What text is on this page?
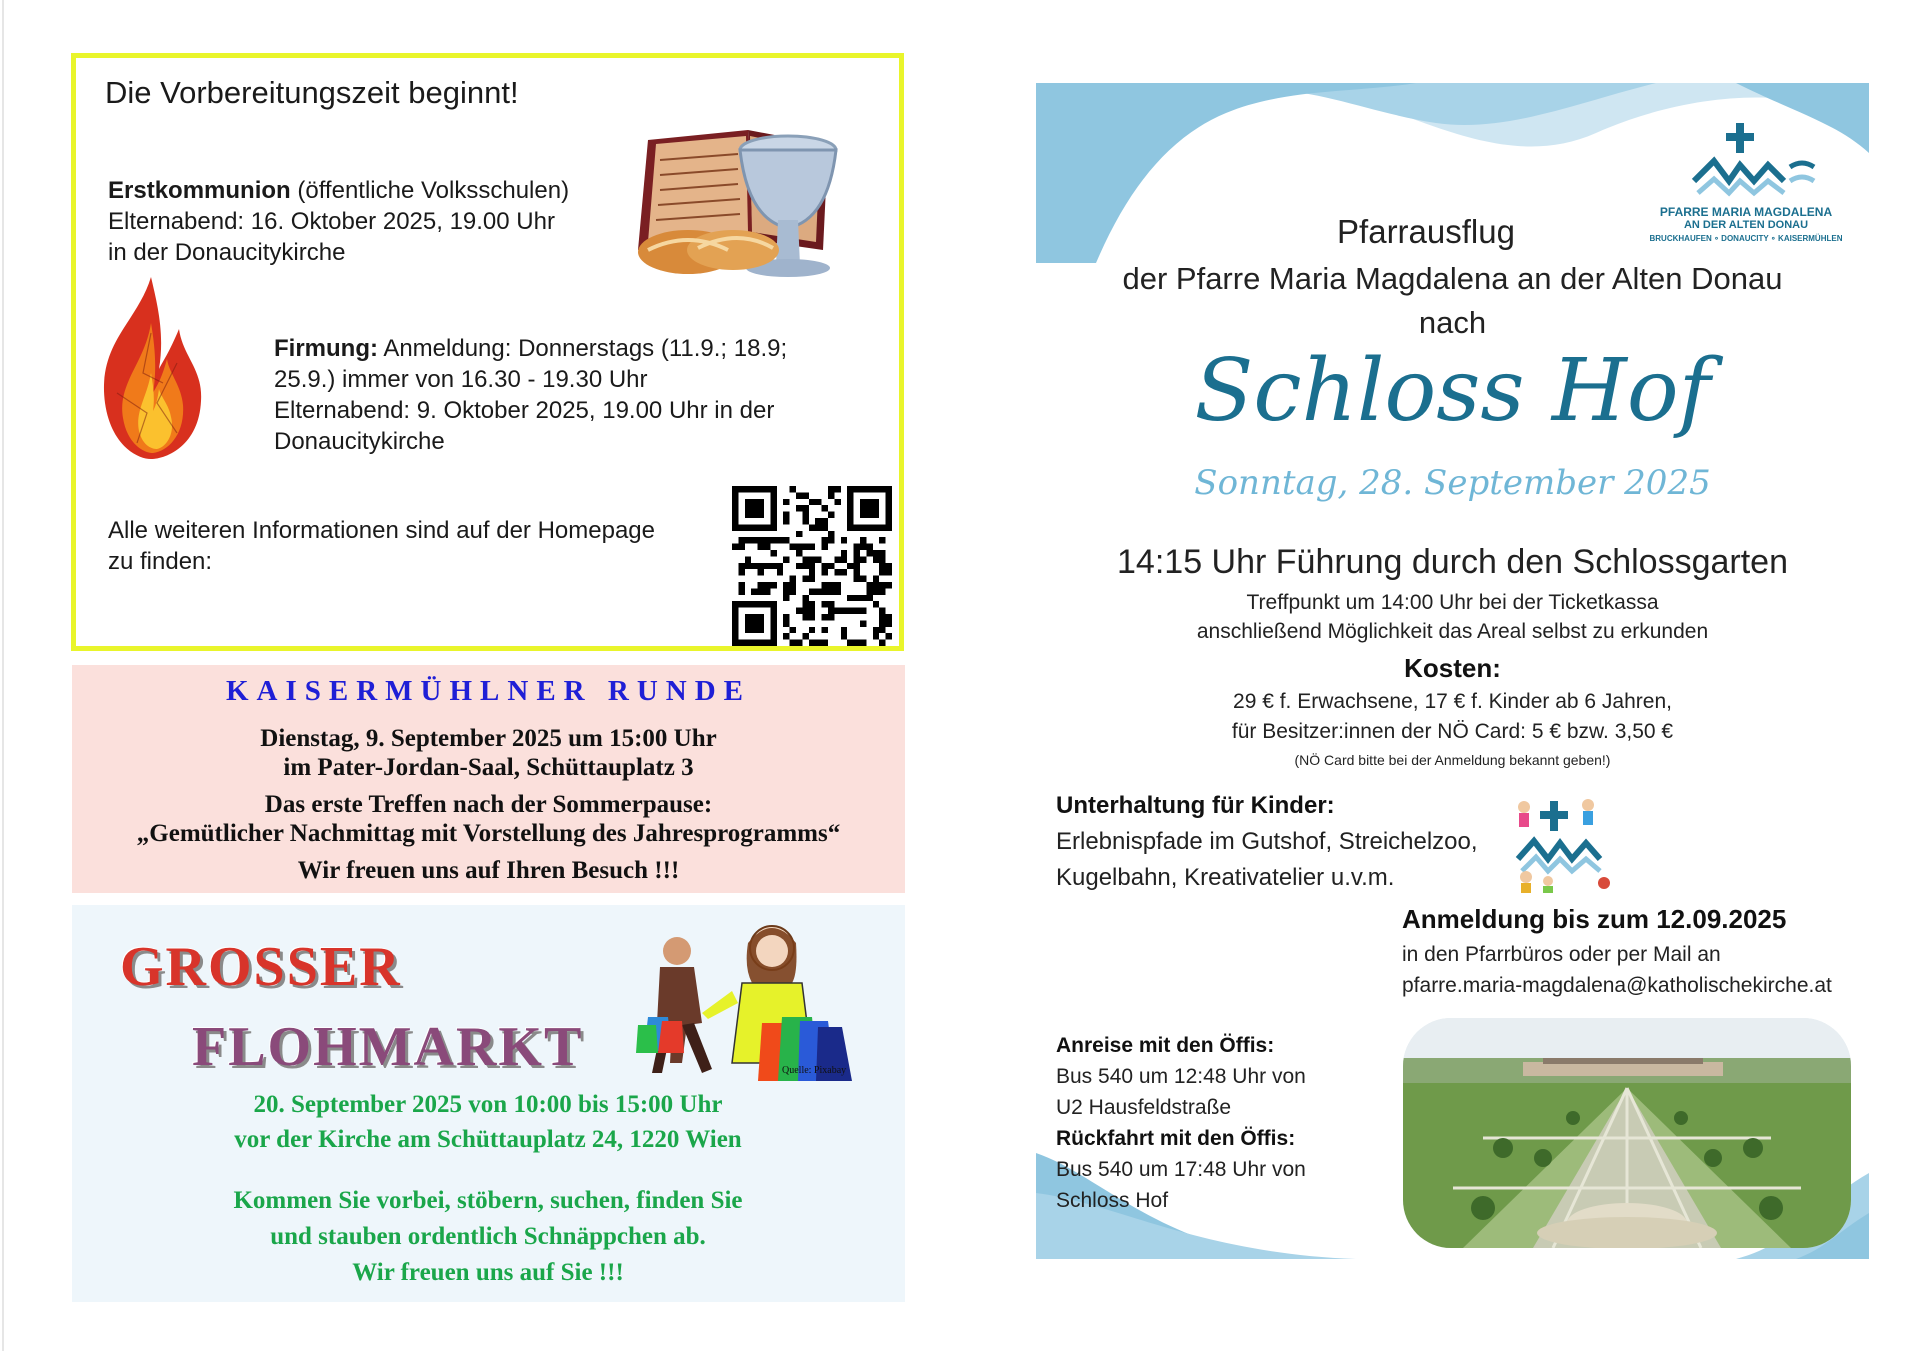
Die Vorbereitungszeit beginnt!
Erstkommunion (öffentliche Volksschulen)
Elternabend: 16. Oktober 2025, 19.00 Uhr
in der Donaucitykirche
Firmung: Anmeldung: Donnerstags (11.9.; 18.9;
25.9.) immer von 16.30 - 19.30 Uhr
Elternabend: 9. Oktober 2025, 19.00 Uhr in der
Donaucitykirche
Alle weiteren Informationen sind auf der Homepage
zu finden:
KAISERMÜHLNER RUNDE
Dienstag, 9. September 2025 um 15:00 Uhr
im Pater-Jordan-Saal, Schüttauplatz 3
Das erste Treffen nach der Sommerpause:
„Gemütlicher Nachmittag mit Vorstellung des Jahresprogramms“
Wir freuen uns auf Ihren Besuch !!!
GROSSER
FLOHMARKT	Quelle: Pixabay
20. September 2025 von 10:00 bis 15:00 Uhr
vor der Kirche am Schüttauplatz 24, 1220 Wien
Kommen Sie vorbei, stöbern, suchen, finden Sie
und stauben ordentlich Schnäppchen ab.
Wir freuen uns auf Sie !!!
PFARRE MARIA MAGDALENA
AN DER ALTEN DONAU
BRUCKHAUFEN ∘ DONAUCITY ∘ KAISERMÜHLEN
Pfarrausflug
der Pfarre Maria Magdalena an der Alten Donau
nach
Schloss Hof
Sonntag, 28. September 2025
14:15 Uhr Führung durch den Schlossgarten
Treffpunkt um 14:00 Uhr bei der Ticketkassa
anschließend Möglichkeit das Areal selbst zu erkunden
Kosten:
29 € f. Erwachsene, 17 € f. Kinder ab 6 Jahren,
für Besitzer:innen der NÖ Card: 5 € bzw. 3,50 €
(NÖ Card bitte bei der Anmeldung bekannt geben!)
Unterhaltung für Kinder:
Erlebnispfade im Gutshof, Streichelzoo,
Kugelbahn, Kreativatelier u.v.m.
Anmeldung bis zum 12.09.2025
in den Pfarrbüros oder per Mail an
pfarre.maria-magdalena@katholischekirche.at
Anreise mit den Öffis:
Bus 540 um 12:48 Uhr von
U2 Hausfeldstraße
Rückfahrt mit den Öffis:
Bus 540 um 17:48 Uhr von
Schloss Hof
